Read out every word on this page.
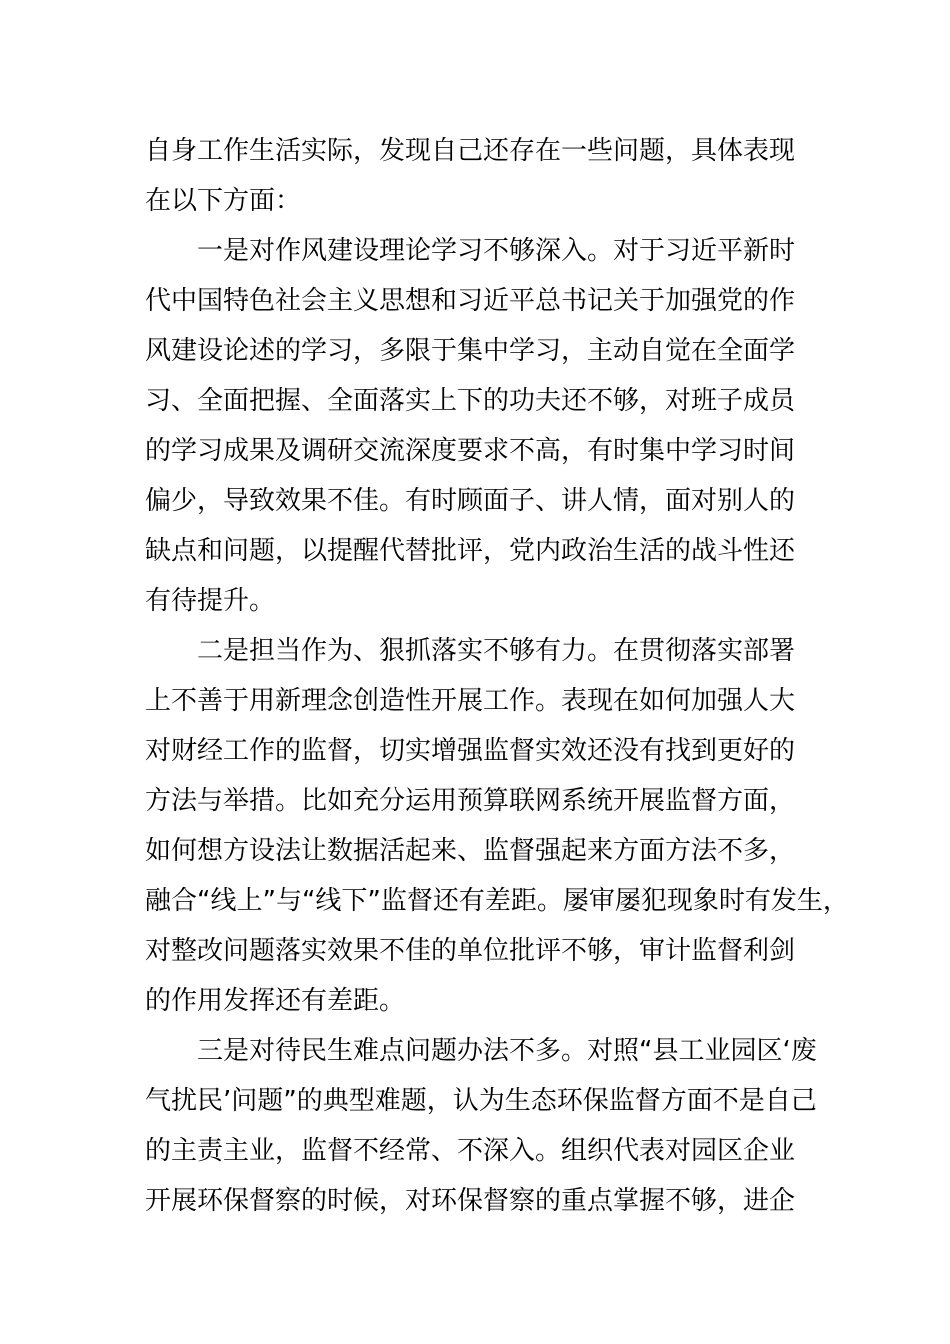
自身工作生活实际，发现自己还存在一些问题，具体表现
在以下方面：
一是对作风建设理论学习不够深入。对于习近平新时
代中国特色社会主义思想和习近平总书记关于加强党的作
风建设论述的学习，多限于集中学习，主动自觉在全面学
习、全面把握、全面落实上下的功夫还不够，对班子成员
的学习成果及调研交流深度要求不高，有时集中学习时间
偏少，导致效果不佳。有时顾面子、讲人情，面对别人的
缺点和问题，以提醒代替批评，党内政治生活的战斗性还
有待提升。
二是担当作为、狠抓落实不够有力。在贯彻落实部署
上不善于用新理念创造性开展工作。表现在如何加强人大
对财经工作的监督，切实增强监督实效还没有找到更好的
方法与举措。比如充分运用预算联网系统开展监督方面，
如何想方设法让数据活起来、监督强起来方面方法不多，
融合“线上”与“线下”监督还有差距。屡审屡犯现象时有发生，
对整改问题落实效果不佳的单位批评不够，审计监督利剑
的作用发挥还有差距。
三是对待民生难点问题办法不多。对照“县工业园区‘废
气扰民’问题”的典型难题，认为生态环保监督方面不是自己
的主责主业，监督不经常、不深入。组织代表对园区企业
开展环保督察的时候，对环保督察的重点掌握不够，进企
